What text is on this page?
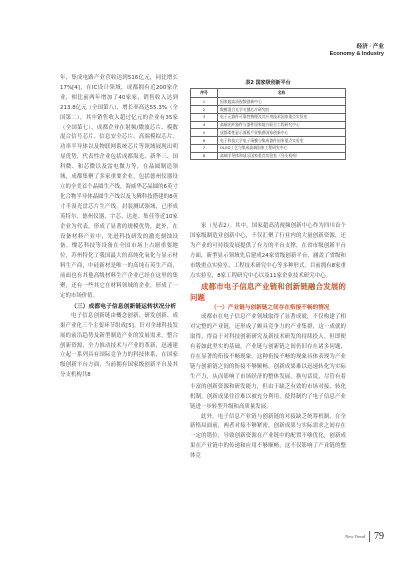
经济 · 产业
Economy & Industry

年，集成电路产业营收达到516亿元，同比增长17%[4]，在IC设计领域，成都拥有近200家企业，相比前两年增加了40家家，销售收入达到213.8亿元（全国第八），增长率高达55.3%（全国第二），其中销售收入超过亿元的企业有35家（全国第七），成都企业在射频/微波芯片、模数混合信号芯片、信息安全芯片、高端模拟芯片、功率半导体以及物联网系统芯片等领域展现出明显优势，代表性企业包括成都海光、新华三、国科微、和芯微以及雷电微力等，在晶圆制造领域，成都集聚了多家重要企业，包括德州仪器设立的全美首个晶圆生产线，海威华芯晶圆的6英寸化合物半导体晶圆生产线以及飞腾科技搭建的8英寸半湿光盘芯片生产线，封装测试领域，已形成英特尔、德州仪器、宇芯、达迩、集佳等近10家企业为代表，形成了显著的规模优势，此外，在设备材料产业中，先进科技研发的激光刻蚀设备、燦芯科技等设备在全国市场上占据重要地位，苏州特化了我国最大的高纯化氧化与显示材料生产商，中硅新材是唯一的高纯石英生产商，前面也有其他高级材料生产企业已经在这里的集聚，还有一些其它在材料领域的企业，形成了一定的市场价值。

（三）成都电子信息创新链运转状况分析

电子信息创新链由概念创新、研发创新、成果产业化三个主要环节组成[5]。针对全球科技发展的前沿趋势及新型制造产业的发展需求，整合创新资源，全力推动技术与产业的革新，迅速建立起一系列具有国际竞争力的科技体系，在国家级创新平台方面，当前拥有国家级创新平台及其分支机构共8

表2 国家级创新平台
序号	名称
1	国家超高清视频创新中心
2	数模混合光学关键芯片研究院
3	电子元器件可靠性物理及其应用技术国家重点实验室
4	高端光纤器件与器件国家地方联合工程研究中心
5	成都柔性显示面板产业集群国家创新中心
6	电子科技大学电子薄膜与集成器件国家重点实验室
7	OLED工艺与集成高端国家工程研究中心
8	高端半导体和显示国家重点实验室（分支机构）

家（见表2）。其中，国家超高清视频创新中心作为四川首个国家级制造业创新中心，不仅汇聚了行业内的大量创新资源，还为产业的可持续发展提供了有力的平台支撑，在省市级创新平台方面，新型显示领域先后建成24家省级创新平台，涵盖了省级和市级重点实验室、工程技术研究中心等多种形式，目前拥有8家重点实验室，8家工程研究中心以及11家企业技术研究中心。

成都市电子信息产业链和创新链融合发展的问题

（一）产业链与创新链之间存在衔接不畅的情况

成都市在电子信息产业领域取得了显著成就，不仅构建了相对完整的产业链，还形成了颇具竞争力的产业集群，这一成就的取得，得益于对科技创新研究及新技术研发的持续投入。但即便有着如此坚实的基础，产业链与创新链之间仍旧存在诸多问题，存在显著的衔接不畅现象。这种衔接不畅的现象具体表现为产业链与创新链之间的衔接不够顺畅，创新成果难以迅速转化为实际生产力，从而影响了市场经济的整体发展。换句话说，尽管有着丰富的创新资源和研发能力，但由于缺乏有效的市场对接、转化机制，创新成果往往难以被充分利用，使得制约了电子信息产业链进一步转型升级和高质量发展。

此外，电子信息产业链与创新链的对接缺乏统筹机制，在全新格局面前，两者对接不够紧密，创新成果与实际需求之间存在一定的错位，导致创新资源在产业链中的配置不够优化，创新成果在产业链中的传递和应用不够顺畅，这不仅影响了产业链的整体竞

New Trend 79
